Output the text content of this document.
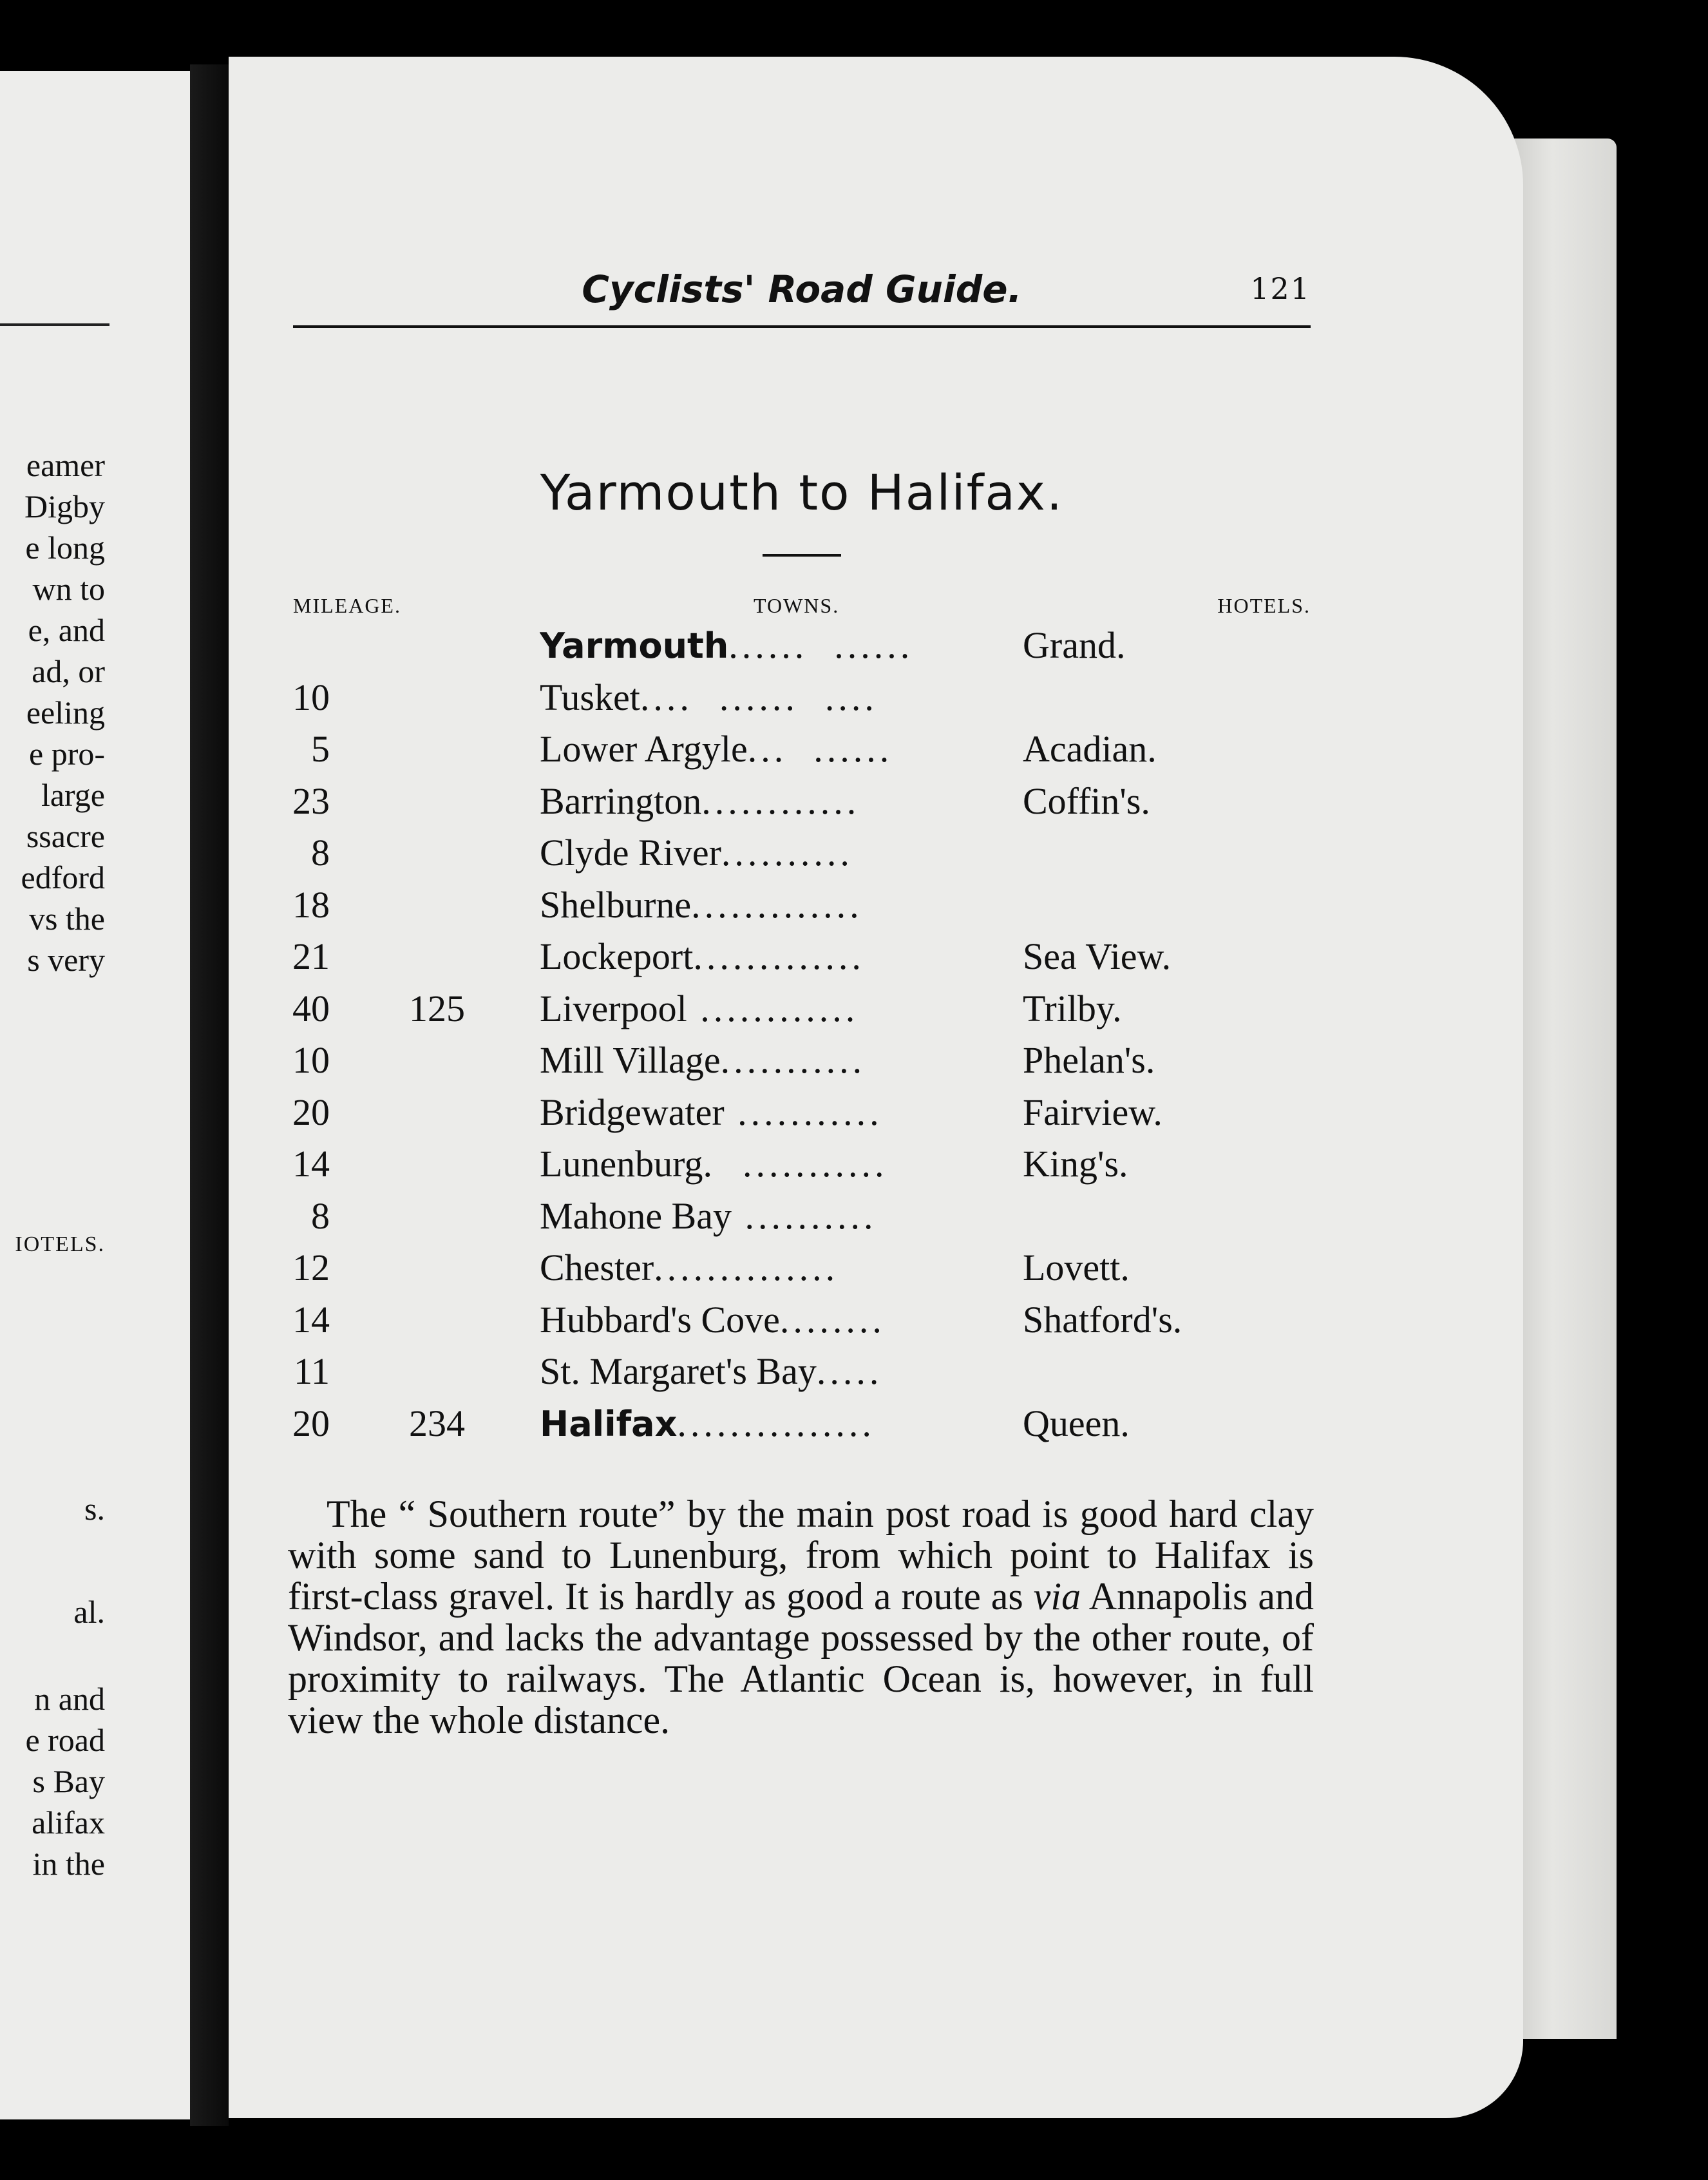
eamer
Digby
e long
wn to
e, and
ad, or
eeling
e pro-
large
ssacre
edford
vs the
s very
IOTELS.
s.
al.
n and
e road
s Bay
alifax
in the
Cyclists' Road Guide.	121
Yarmouth to Halifax.
MILEAGE.	TOWNS.	HOTELS.
Yarmouth......  ......	Grand.
10	Tusket....  ......  ....
5	Lower Argyle...  ......	Acadian.
23	Barrington............	Coffin's.
8	Clyde River..........
18	Shelburne.............
21	Lockeport.............	Sea View.
40 125 Liverpool ............	Trilby.
10	Mill Village...........	Phelan's.
20	Bridgewater ...........	Fairview.
14	Lunenburg.  ...........	King's.
8	Mahone Bay ..........
12	Chester..............	Lovett.
14	Hubbard's Cove........	Shatford's.
11	St. Margaret's Bay.....
20 234 Halifax...............	Queen.
The “ Southern route” by the main post road is good hard clay with some sand to Lunenburg, from which point to Halifax is first-class gravel. It is hardly as good a route as via Annapolis and Windsor, and lacks the advantage possessed by the other route, of proximity to railways. The Atlantic Ocean is, however, in full view the whole distance.
